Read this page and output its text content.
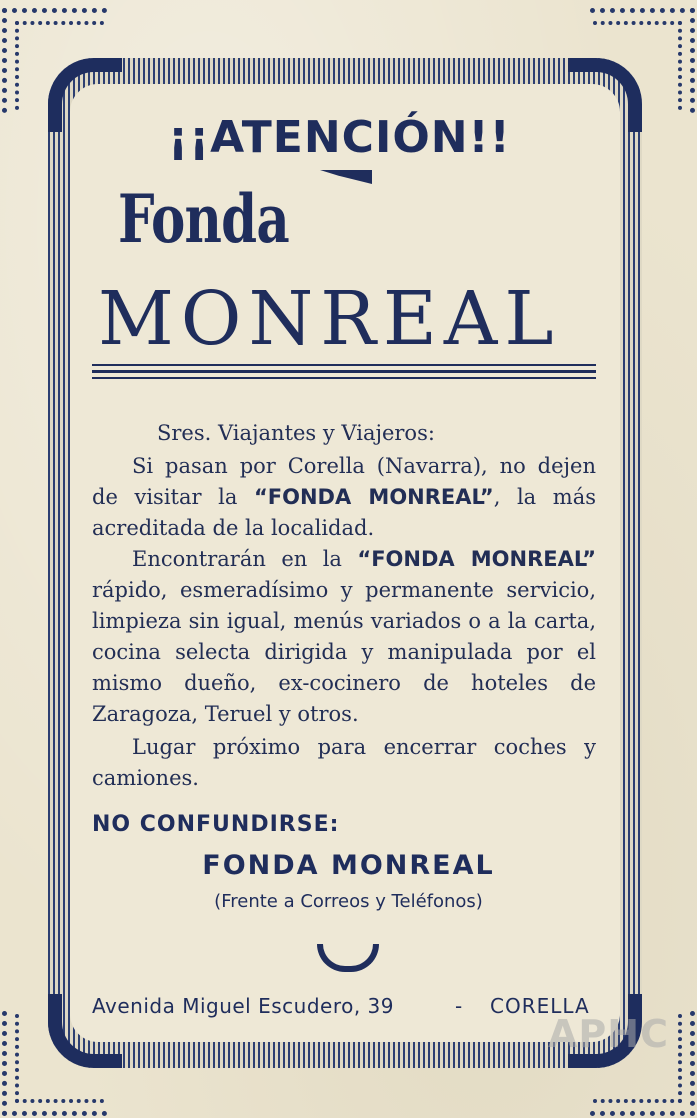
¡¡ATENCIÓN!!
Fonda
MONREAL
Sres. Viajantes y Viajeros:
Si pasan por Corella (Navarra), no dejen de visitar la “FONDA MONREAL”, la más acreditada de la localidad.
Encontrarán en la “FONDA MONREAL” rápido, esmeradísimo y permanente servicio, limpieza sin igual, menús variados o a la carta, cocina selecta dirigida y manipulada por el mismo dueño, ex-cocinero de hoteles de Zaragoza, Teruel y otros.
Lugar próximo para encerrar coches y camiones.
NO CONFUNDIRSE:
FONDA MONREAL
(Frente a Correos y Teléfonos)
Avenida Miguel Escudero, 39	- CORELLA
APHC
